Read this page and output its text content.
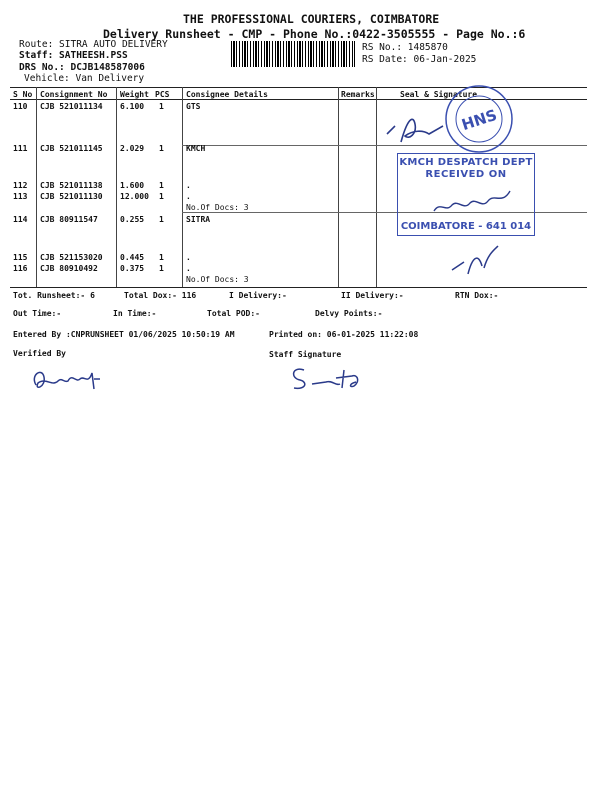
THE PROFESSIONAL COURIERS, COIMBATORE
Delivery Runsheet - CMP - Phone No.:0422-3505555 - Page No.:6
Route: SITRA AUTO DELIVERY
Staff: SATHEESH.PSS
DRS No.: DCJB148587006
Vehicle: Van Delivery
RS No.: 1485870
RS Date: 06-Jan-2025
S No Consignment No Weight PCS Consignee Details	Remarks	Seal & Signature
110 CJB 521011134 6.100 1	GTS
111 CJB 521011145 2.029 1	KMCH
112 CJB 521011138 1.600 1	.
113 CJB 521011130 12.000 1	.
No.Of Docs: 3
114 CJB 80911547	0.255 1	SITRA
115 CJB 521153020 0.445 1	.
116 CJB 80910492	0.375 1	.
No.Of Docs: 3
HNS
KMCH DESPATCH DEPT
RECEIVED ON
COIMBATORE - 641 014
Tot. Runsheet:- 6	Total Dox:- 116	I Delivery:-	II Delivery:-	RTN Dox:-
Out Time:-	In Time:-	Total POD:-	Delvy Points:-
Entered By :CNPRUNSHEET 01/06/2025 10:50:19 AM	Printed on: 06-01-2025 11:22:08
Verified By	Staff Signature
